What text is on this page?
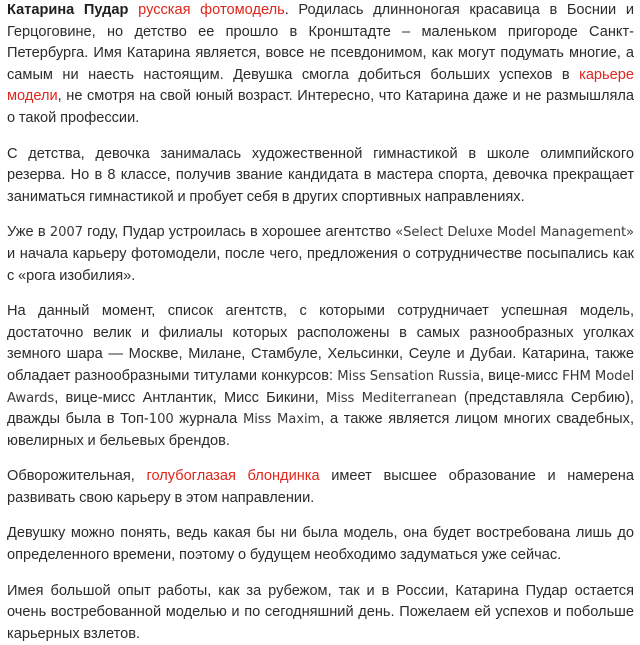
Катарина Пудар русская фотомодель. Родилась длинноногая красавица в Боснии и Герцоговине, но детство ее прошло в Кронштадте – маленьком пригороде Санкт-Петербурга. Имя Катарина является, вовсе не псевдонимом, как могут подумать многие, а самым ни наесть настоящим. Девушка смогла добиться больших успехов в карьере модели, не смотря на свой юный возраст. Интересно, что Катарина даже и не размышляла о такой профессии.

С детства, девочка занималась художественной гимнастикой в школе олимпийского резерва. Но в 8 классе, получив звание кандидата в мастера спорта, девочка прекращает заниматься гимнастикой и пробует себя в других спортивных направлениях.

Уже в 2007 году, Пудар устроилась в хорошее агентство «Select Deluxe Model Management» и начала карьеру фотомодели, после чего, предложения о сотрудничестве посыпались как с «рога изобилия».

На данный момент, список агентств, с которыми сотрудничает успешная модель, достаточно велик и филиалы которых расположены в самых разнообразных уголках земного шара — Москве, Милане, Стамбуле, Хельсинки, Сеуле и Дубаи. Катарина, также обладает разнообразными титулами конкурсов: Miss Sensation Russia, вице-мисс FHM Model Awards, вице-мисс Антлантик, Мисс Бикини, Miss Mediterranean (представляла Сербию), дважды была в Топ-100 журнала Miss Maxim, а также является лицом многих свадебных, ювелирных и бельевых брендов.

Обворожительная, голубоглазая блондинка имеет высшее образование и намерена развивать свою карьеру в этом направлении.

Девушку можно понять, ведь какая бы ни была модель, она будет востребована лишь до определенного времени, поэтому о будущем необходимо задуматься уже сейчас.

Имея большой опыт работы, как за рубежом, так и в России, Катарина Пудар остается очень востребованной моделью и по сегодняшний день. Пожелаем ей успехов и побольше карьерных взлетов.
